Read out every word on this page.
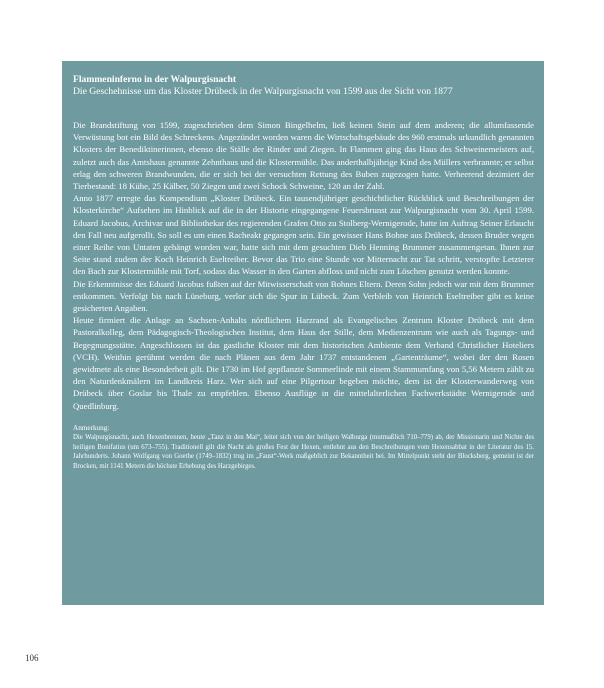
Flammeninferno in der Walpurgisnacht

Die Geschehnisse um das Kloster Drübeck in der Walpurgisnacht von 1599 aus der Sicht von 1877

Die Brandstiftung von 1599, zugeschrieben dem Simon Bingelhelm, ließ keinen Stein auf dem anderen; die allumfassende Verwüstung bot ein Bild des Schreckens. Angezündet worden waren die Wirtschaftsgebäude des 960 erstmals urkundlich genannten Klosters der Benediktinerinnen, ebenso die Ställe der Rinder und Ziegen. In Flammen ging das Haus des Schweinemeisters auf, zuletzt auch das Amtshaus genannte Zehnthaus und die Klostermühle. Das anderthalbjährige Kind des Müllers verbrannte; er selbst erlag den schweren Brandwunden, die er sich bei der versuchten Rettung des Buben zugezogen hatte. Verheerend dezimiert der Tierbestand: 18 Kühe, 25 Kälber, 50 Ziegen und zwei Schock Schweine, 120 an der Zahl.

Anno 1877 erregte das Kompendium „Kloster Drübeck. Ein tausendjähriger geschichtlicher Rückblick und Beschreibungen der Klosterkirche“ Aufsehen im Hinblick auf die in der Historie eingegangene Feuersbrunst zur Walpurgisnacht vom 30. April 1599. Eduard Jacobus, Archivar und Bibliothekar des regierenden Grafen Otto zu Stolberg-Wernigerode, hatte im Auftrag Seiner Erlaucht den Fall neu aufgerollt. So soll es um einen Racheakt gegangen sein. Ein gewisser Hans Bohne aus Drübeck, dessen Bruder wegen einer Reihe von Untaten gehängt worden war, hatte sich mit dem gesuchten Dieb Henning Brummer zusammengetan. Ihnen zur Seite stand zudem der Koch Heinrich Eseltreiber. Bevor das Trio eine Stunde vor Mitternacht zur Tat schritt, verstopfte Letzterer den Bach zur Klostermühle mit Torf, sodass das Wasser in den Garten abfloss und nicht zum Löschen genutzt werden konnte.

Die Erkenntnisse des Eduard Jacobus fußten auf der Mitwisserschaft von Bohnes Eltern. Deren Sohn jedoch war mit dem Brummer entkommen. Verfolgt bis nach Lüneburg, verlor sich die Spur in Lübeck. Zum Verbleib von Heinrich Eseltreiber gibt es keine gesicherten Angaben.

Heute firmiert die Anlage an Sachsen-Anhalts nördlichem Harzrand als Evangelisches Zentrum Kloster Drübeck mit dem Pastoralkolleg, dem Pädagogisch-Theologischen Institut, dem Haus der Stille, dem Medienzentrum wie auch als Tagungs- und Begegnungsstätte. Angeschlossen ist das gastliche Kloster mit dem historischen Ambiente dem Verband Christlicher Hoteliers (VCH). Weithin gerühmt werden die nach Plänen aus dem Jahr 1737 entstandenen „Gartenträume“, wobei der den Rosen gewidmete als eine Besonderheit gilt. Die 1730 im Hof gepflanzte Sommerlinde mit einem Stammumfang von 5,56 Metern zählt zu den Naturdenkmälern im Landkreis Harz. Wer sich auf eine Pilgertour begeben möchte, dem ist der Klosterwanderweg von Drübeck über Goslar bis Thale zu empfehlen. Ebenso Ausflüge in die mittelalterlichen Fachwerkstädte Wernigerode und Quedlinburg.

Anmerkung:

Die Walpurgisnacht, auch Hexenbrennen, heute „Tanz in den Mai“, leitet sich von der heiligen Walburga (mutmaßlich 710–779) ab, der Missionarin und Nichte des heiligen Bonifatius (um 673–755). Traditionell gilt die Nacht als großes Fest der Hexen, entlehnt aus den Beschreibungen vom Hexensabbat in der Literatur des 15. Jahrhunderts. Johann Wolfgang von Goethe (1749–1832) trug im „Faust“-Werk maßgeblich zur Bekanntheit bei. Im Mittelpunkt steht der Blocksberg, gemeint ist der Brocken, mit 1141 Metern die höchste Erhebung des Harzgebirges.

106
